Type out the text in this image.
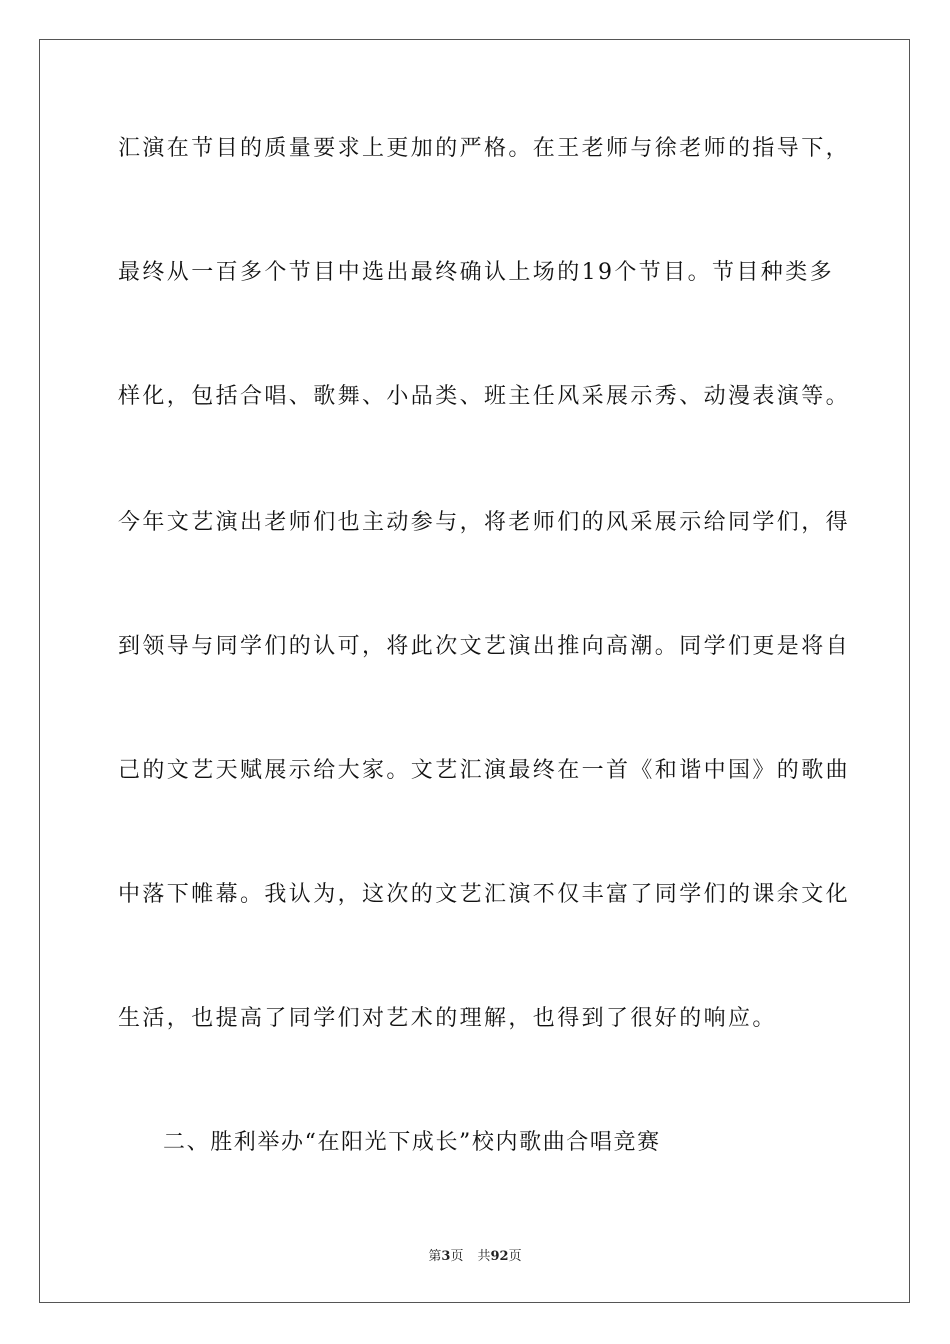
汇演在节目的质量要求上更加的严格。在王老师与徐老师的指导下，
最终从一百多个节目中选出最终确认上场的19个节目。节目种类多
样化，包括合唱、歌舞、小品类、班主任风采展示秀、动漫表演等。
今年文艺演出老师们也主动参与，将老师们的风采展示给同学们，得
到领导与同学们的认可，将此次文艺演出推向高潮。同学们更是将自
己的文艺天赋展示给大家。文艺汇演最终在一首《和谐中国》的歌曲
中落下帷幕。我认为，这次的文艺汇演不仅丰富了同学们的课余文化
生活，也提高了同学们对艺术的理解，也得到了很好的响应。
二、胜利举办“在阳光下成长”校内歌曲合唱竞赛
第3页 共92页
